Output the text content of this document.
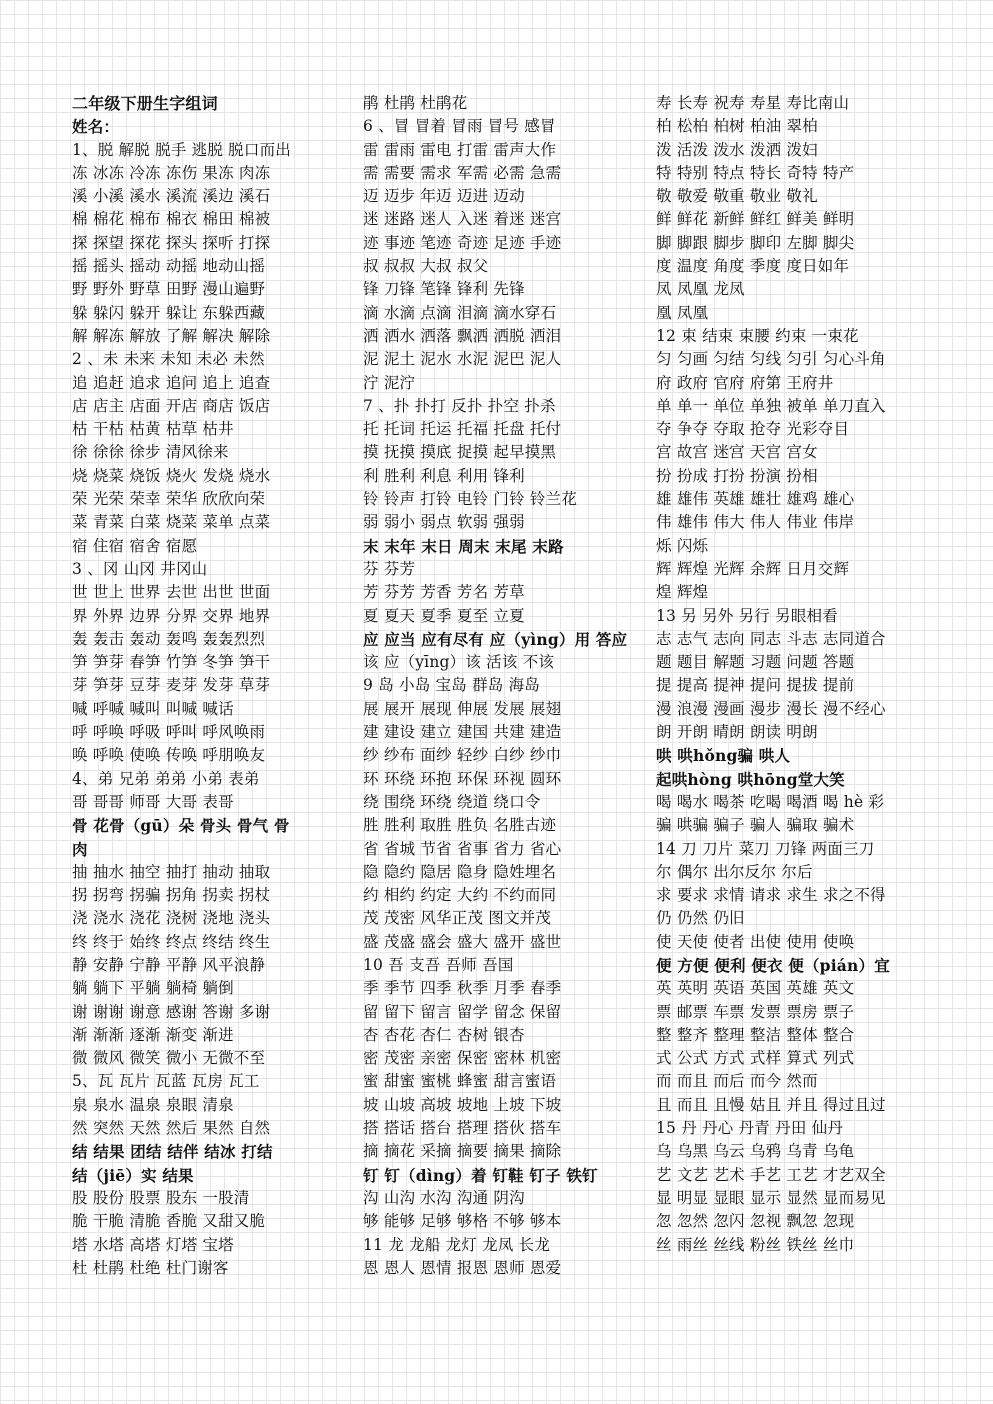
二年级下册生字组词
姓名：
1、脱 解脱 脱手 逃脱 脱口而出
冻 冰冻 冷冻 冻伤 果冻 肉冻
溪 小溪 溪水 溪流 溪边 溪石
棉 棉花 棉布 棉衣 棉田 棉被
探 探望 探花 探头 探听 打探
摇 摇头 摇动 动摇 地动山摇
野 野外 野草 田野 漫山遍野
躲 躲闪 躲开 躲让 东躲西藏
解 解冻 解放 了解 解决 解除
2 、未 未来 未知 未必 未然
追 追赶 追求 追问 追上 追查
店 店主 店面 开店 商店 饭店
枯 干枯 枯黄 枯草 枯井
徐 徐徐 徐步 清风徐来
烧 烧菜 烧饭 烧火 发烧 烧水
荣 光荣 荣幸 荣华 欣欣向荣
菜 青菜 白菜 烧菜 菜单 点菜
宿 住宿 宿舍 宿愿
3 、冈 山冈 井冈山
世 世上 世界 去世 出世 世面
界 外界 边界 分界 交界 地界
轰 轰击 轰动 轰鸣 轰轰烈烈
笋 笋芽 春笋 竹笋 冬笋 笋干
芽 笋芽 豆芽 麦芽 发芽 草芽
喊 呼喊 喊叫 叫喊 喊话
呼 呼唤 呼吸 呼叫 呼风唤雨
唤 呼唤 使唤 传唤 呼朋唤友
4、弟 兄弟 弟弟 小弟 表弟
哥 哥哥 师哥 大哥 表哥
骨 花骨（gū）朵 骨头 骨气 骨
肉
抽 抽水 抽空 抽打 抽动 抽取
拐 拐弯 拐骗 拐角 拐卖 拐杖
浇 浇水 浇花 浇树 浇地 浇头
终 终于 始终 终点 终结 终生
静 安静 宁静 平静 风平浪静
躺 躺下 平躺 躺椅 躺倒
谢 谢谢 谢意 感谢 答谢 多谢
渐 渐渐 逐渐 渐变 渐进
微 微风 微笑 微小 无微不至
5、瓦 瓦片 瓦蓝 瓦房 瓦工
泉 泉水 温泉 泉眼 清泉
然 突然 天然 然后 果然 自然
结 结果 团结 结伴 结冰 打结
结（jiē）实 结果
股 股份 股票 股东 一股清
脆 干脆 清脆 香脆 又甜又脆
塔 水塔 高塔 灯塔 宝塔
杜 杜鹃 杜绝 杜门谢客
鹃 杜鹃 杜鹃花
6 、冒 冒着 冒雨 冒号 感冒
雷 雷雨 雷电 打雷 雷声大作
需 需要 需求 军需 必需 急需
迈 迈步 年迈 迈进 迈动
迷 迷路 迷人 入迷 着迷 迷宫
迹 事迹 笔迹 奇迹 足迹 手迹
叔 叔叔 大叔 叔父
锋 刀锋 笔锋 锋利 先锋
滴 水滴 点滴 泪滴 滴水穿石
洒 洒水 洒落 飘洒 洒脱 洒泪
泥 泥土 泥水 水泥 泥巴 泥人
泞 泥泞
7 、扑 扑打 反扑 扑空 扑杀
托 托词 托运 托福 托盘 托付
摸 抚摸 摸底 捉摸 起早摸黑
利 胜利 利息 利用 锋利
铃 铃声 打铃 电铃 门铃 铃兰花
弱 弱小 弱点 软弱 强弱
末 末年 末日 周末 末尾 末路
芬 芬芳
芳 芬芳 芳香 芳名 芳草
夏 夏天 夏季 夏至 立夏
应 应当 应有尽有 应（yìng）用 答应
该 应（yīng）该 活该 不该
9 岛 小岛 宝岛 群岛 海岛
展 展开 展现 伸展 发展 展翅
建 建设 建立 建国 共建 建造
纱 纱布 面纱 轻纱 白纱 纱巾
环 环绕 环抱 环保 环视 圆环
绕 围绕 环绕 绕道 绕口令
胜 胜利 取胜 胜负 名胜古迹
省 省城 节省 省事 省力 省心
隐 隐约 隐居 隐身 隐姓埋名
约 相约 约定 大约 不约而同
茂 茂密 风华正茂 图文并茂
盛 茂盛 盛会 盛大 盛开 盛世
10 吾 支吾 吾师 吾国
季 季节 四季 秋季 月季 春季
留 留下 留言 留学 留念 保留
杏 杏花 杏仁 杏树 银杏
密 茂密 亲密 保密 密林 机密
蜜 甜蜜 蜜桃 蜂蜜 甜言蜜语
坡 山坡 高坡 坡地 上坡 下坡
搭 搭话 搭台 搭理 搭伙 搭车
摘 摘花 采摘 摘要 摘果 摘除
钉 钉（dìng）着 钉鞋 钉子 铁钉
沟 山沟 水沟 沟通 阴沟
够 能够 足够 够格 不够 够本
11 龙 龙船 龙灯 龙凤 长龙
恩 恩人 恩情 报恩 恩师 恩爱
寿 长寿 祝寿 寿星 寿比南山
柏 松柏 柏树 柏油 翠柏
泼 活泼 泼水 泼洒 泼妇
特 特别 特点 特长 奇特 特产
敬 敬爱 敬重 敬业 敬礼
鲜 鲜花 新鲜 鲜红 鲜美 鲜明
脚 脚跟 脚步 脚印 左脚 脚尖
度 温度 角度 季度 度日如年
凤 凤凰 龙凤
凰 凤凰
12 束 结束 束腰 约束 一束花
匀 匀画 匀结 匀线 匀引 匀心斗角
府 政府 官府 府第 王府井
单 单一 单位 单独 被单 单刀直入
夺 争夺 夺取 抢夺 光彩夺目
宫 故宫 迷宫 天宫 宫女
扮 扮成 打扮 扮演 扮相
雄 雄伟 英雄 雄壮 雄鸡 雄心
伟 雄伟 伟大 伟人 伟业 伟岸
烁 闪烁
辉 辉煌 光辉 余辉 日月交辉
煌 辉煌
13 另 另外 另行 另眼相看
志 志气 志向 同志 斗志 志同道合
题 题目 解题 习题 问题 答题
提 提高 提神 提问 提拔 提前
漫 浪漫 漫画 漫步 漫长 漫不经心
朗 开朗 晴朗 朗读 明朗
哄 哄hǒng骗 哄人
起哄hòng 哄hōng堂大笑
喝 喝水 喝茶 吃喝 喝酒 喝 hè 彩
骗 哄骗 骗子 骗人 骗取 骗术
14 刀 刀片 菜刀 刀锋 两面三刀
尔 偶尔 出尔反尔 尔后
求 要求 求情 请求 求生 求之不得
仍 仍然 仍旧
使 天使 使者 出使 使用 使唤
便 方便 便利 便衣 便（pián）宜
英 英明 英语 英国 英雄 英文
票 邮票 车票 发票 票房 票子
整 整齐 整理 整洁 整体 整合
式 公式 方式 式样 算式 列式
而 而且 而后 而今 然而
且 而且 且慢 姑且 并且 得过且过
15 丹 丹心 丹青 丹田 仙丹
乌 乌黑 乌云 乌鸦 乌青 乌龟
艺 文艺 艺术 手艺 工艺 才艺双全
显 明显 显眼 显示 显然 显而易见
忽 忽然 忽闪 忽视 飘忽 忽现
丝 雨丝 丝线 粉丝 铁丝 丝巾
